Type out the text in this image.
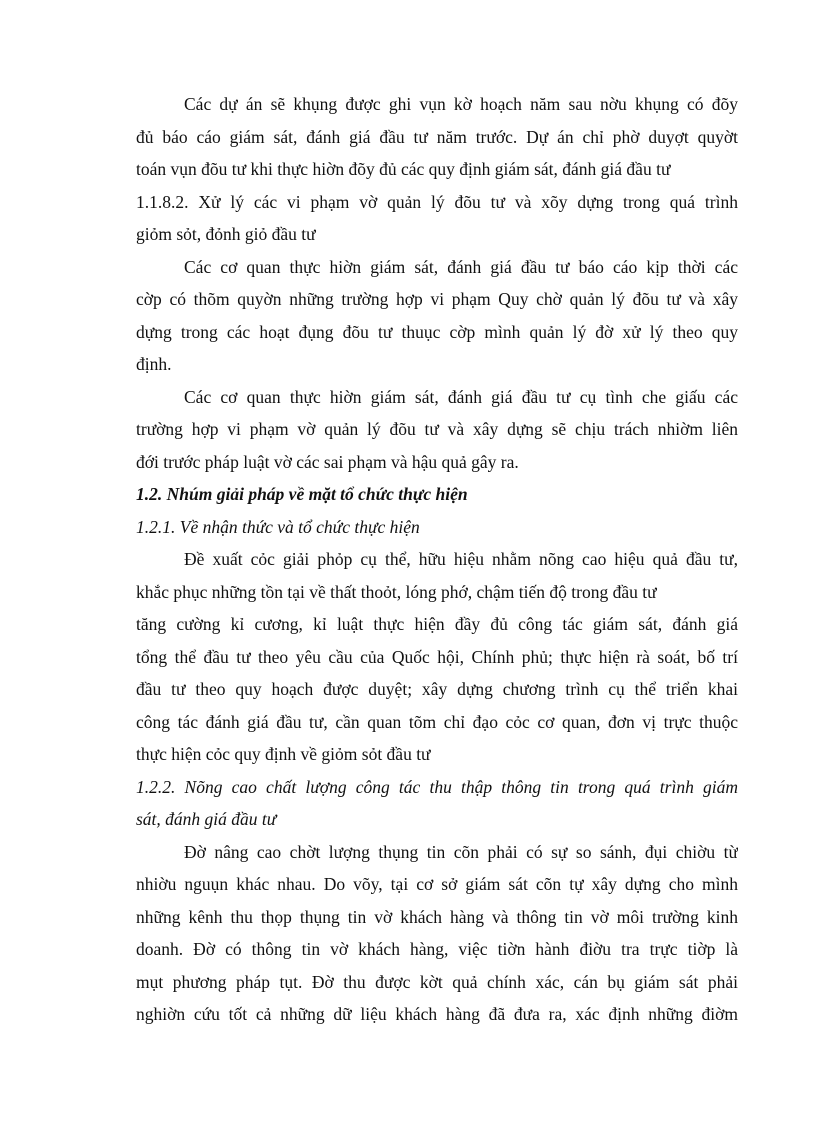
Các dự án sẽ khụng được ghi vụn kờ hoạch năm sau nờu khụng có đõy
đủ báo cáo giám sát, đánh giá đầu tư năm trước. Dự án chỉ phờ duyợt quyờt
toán vụn đõu tư khi thực hiờn đõy đủ các quy định giám sát, đánh giá đầu tư
1.1.8.2. Xử lý các vi phạm vờ quản lý đõu tư và xõy dựng trong quá trình
giỏm sỏt, đỏnh giỏ đầu tư
Các cơ quan thực hiờn giám sát, đánh giá đầu tư báo cáo kịp thời các
cờp có thõm quyờn những trường hợp vi phạm Quy chờ quản lý đõu tư và xây
dựng trong các hoạt đụng đõu tư thuục cờp mình quản lý đờ xử lý theo quy
định.
Các cơ quan thực hiờn giám sát, đánh giá đầu tư cụ tình che giấu các
trường hợp vi phạm vờ quản lý đõu tư và xây dựng sẽ chịu trách nhiờm liên
đới trước pháp luật vờ các sai phạm và hậu quả gây ra.
1.2. Nhúm giải pháp về mặt tổ chức thực hiện
1.2.1. Về nhận thức và tổ chức thực hiện
Đề xuất cỏc giải phỏp cụ thể, hữu hiệu nhằm nõng cao hiệu quả đầu tư,
khắc phục những tồn tại về thất thoỏt, lóng phớ, chậm tiến độ trong đầu tư
tăng cường kỉ cương, kỉ luật thực hiện đầy đủ công tác giám sát, đánh giá
tổng thể đầu tư theo yêu cầu của Quốc hội, Chính phủ; thực hiện rà soát, bố trí
đầu tư theo quy hoạch được duyệt; xây dựng chương trình cụ thể triển khai
công tác đánh giá đầu tư, cần quan tõm chỉ đạo cỏc cơ quan, đơn vị trực thuộc
thực hiện cỏc quy định về giỏm sỏt đầu tư
1.2.2. Nõng cao chất lượng công tác thu thập thông tin trong quá trình giám
sát, đánh giá đầu tư
Đờ nâng cao chờt lượng thụng tin cõn phải có sự so sánh, đụi chiờu từ
nhiờu nguụn khác nhau. Do võy, tại cơ sở giám sát cõn tự xây dựng cho mình
những kênh thu thọp thụng tin vờ khách hàng và thông tin vờ môi trường kinh
doanh. Đờ có thông tin vờ khách hàng, việc tiờn hành điờu tra trực tiờp là
mụt phương pháp tụt. Đờ thu được kờt quả chính xác, cán bụ giám sát phải
nghiờn cứu tốt cả những dữ liệu khách hàng đã đưa ra, xác định những điờm
